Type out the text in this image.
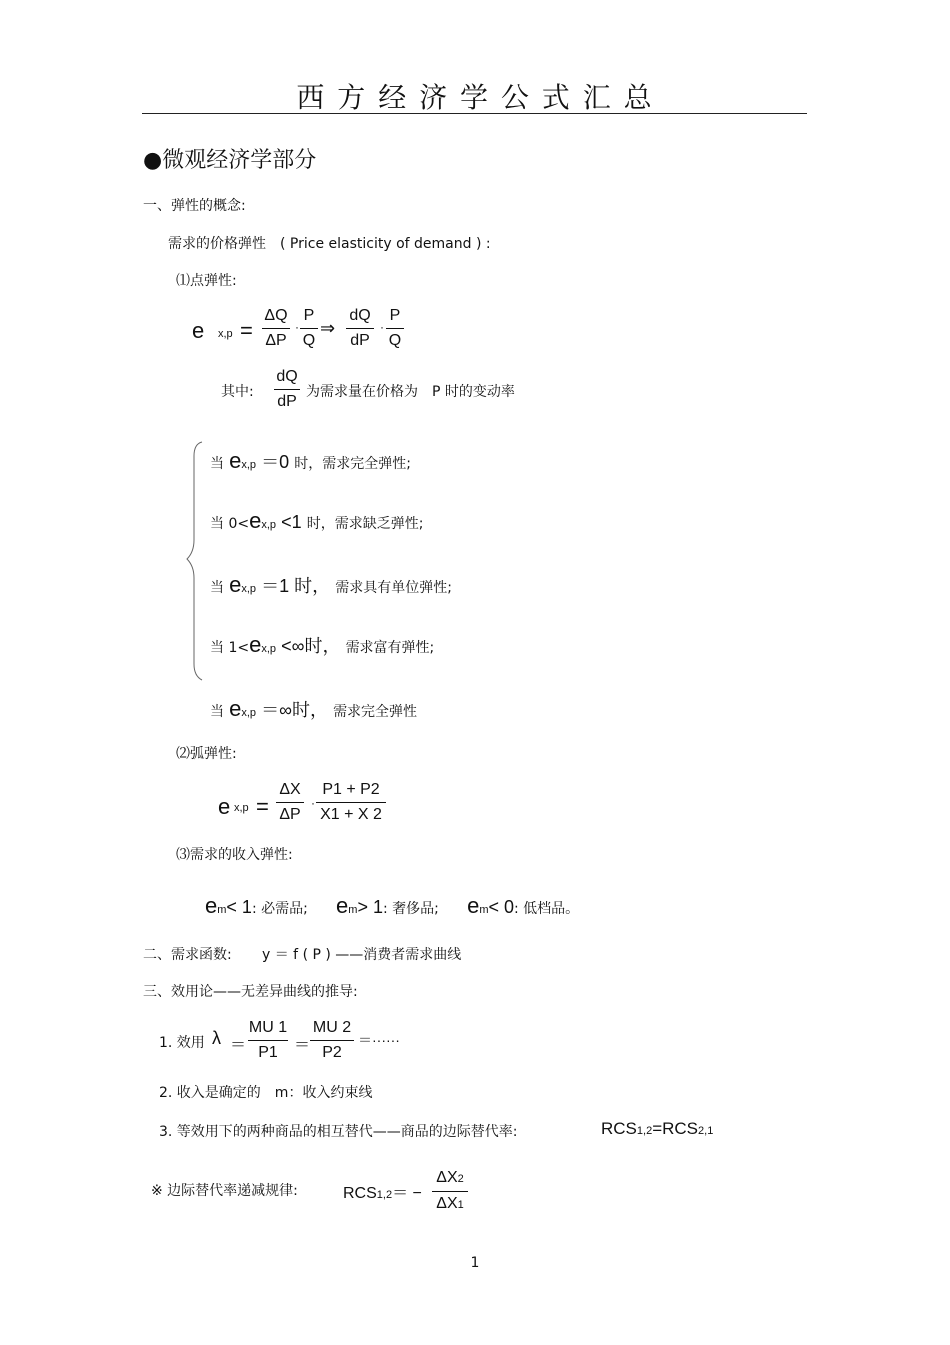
西 方 经 济 学 公 式 汇 总
●微观经济学部分
一、弹性的概念:
需求的价格弹性　( Price elasticity of demand ) :
⑴点弹性:
e x,p =
ΔQ
ΔP
·
P
Q
⇒
dQ
dP
·
P
Q
其中:
dQ
dP
为需求量在价格为　P 时的变动率
当 ex,p ＝0 时，需求完全弹性;
当 0<ex,p <1 时，需求缺乏弹性;
当 ex,p ＝1 时， 需求具有单位弹性;
当 1<ex,p <∞时， 需求富有弹性;
当 ex,p ＝∞时， 需求完全弹性
⑵弧弹性:
e x,p =
ΔX
ΔP
·
P1 + P2
X1 + X 2
⑶需求的收入弹性:
em< 1: 必需品; em> 1: 奢侈品; em< 0: 低档品。
二、需求函数: y ＝ f ( P ) ——消费者需求曲线
三、效用论——无差异曲线的推导:
1. 效用 λ ＝
MU 1
P1	＝
MU 2
P2
＝······
2. 收入是确定的　m：收入约束线
3. 等效用下的两种商品的相互替代——商品的边际替代率:	RCS1,2=RCS2,1
※ 边际替代率递减规律:	RCS1,2＝ −
ΔX2
ΔX1
1
